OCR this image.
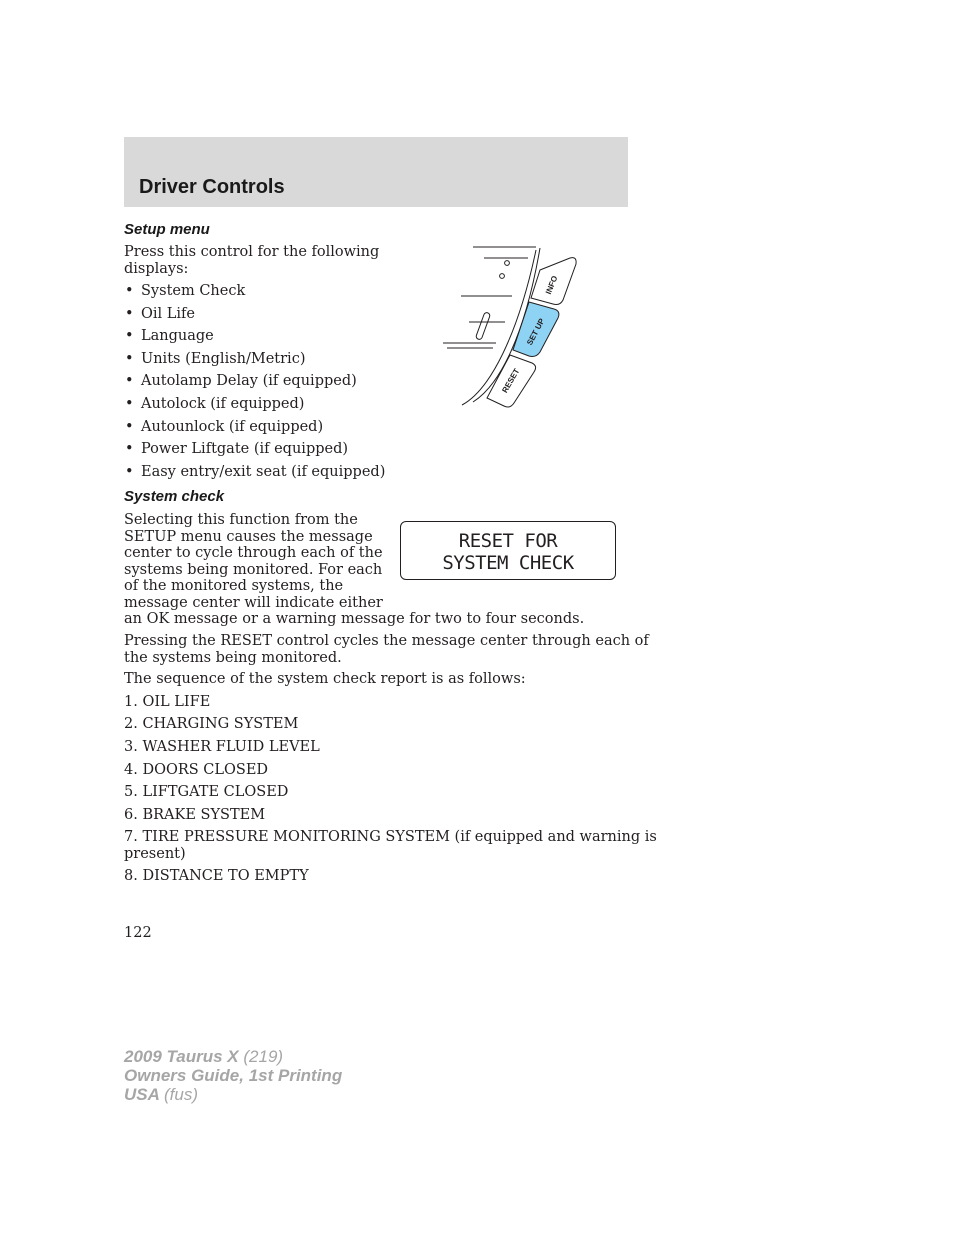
Driver Controls
Setup menu

Press this control for the following
displays:

• System Check
• Oil Life
• Language
• Units (English/Metric)
• Autolamp Delay (if equipped)
• Autolock (if equipped)
• Autounlock (if equipped)
• Power Liftgate (if equipped)
• Easy entry/exit seat (if equipped)
INFO
SET UP
RESET
System check

Selecting this function from the
SETUP menu causes the message
center to cycle through each of the
systems being monitored. For each
of the monitored systems, the
message center will indicate either
an OK message or a warning message for two to four seconds.

RESET FOR
SYSTEM CHECK

Pressing the RESET control cycles the message center through each of
the systems being monitored.

The sequence of the system check report is as follows:

1. OIL LIFE

2. CHARGING SYSTEM

3. WASHER FLUID LEVEL

4. DOORS CLOSED

5. LIFTGATE CLOSED

6. BRAKE SYSTEM

7. TIRE PRESSURE MONITORING SYSTEM (if equipped and warning is
present)

8. DISTANCE TO EMPTY

122
2009 Taurus X (219)
Owners Guide, 1st Printing
USA (fus)
